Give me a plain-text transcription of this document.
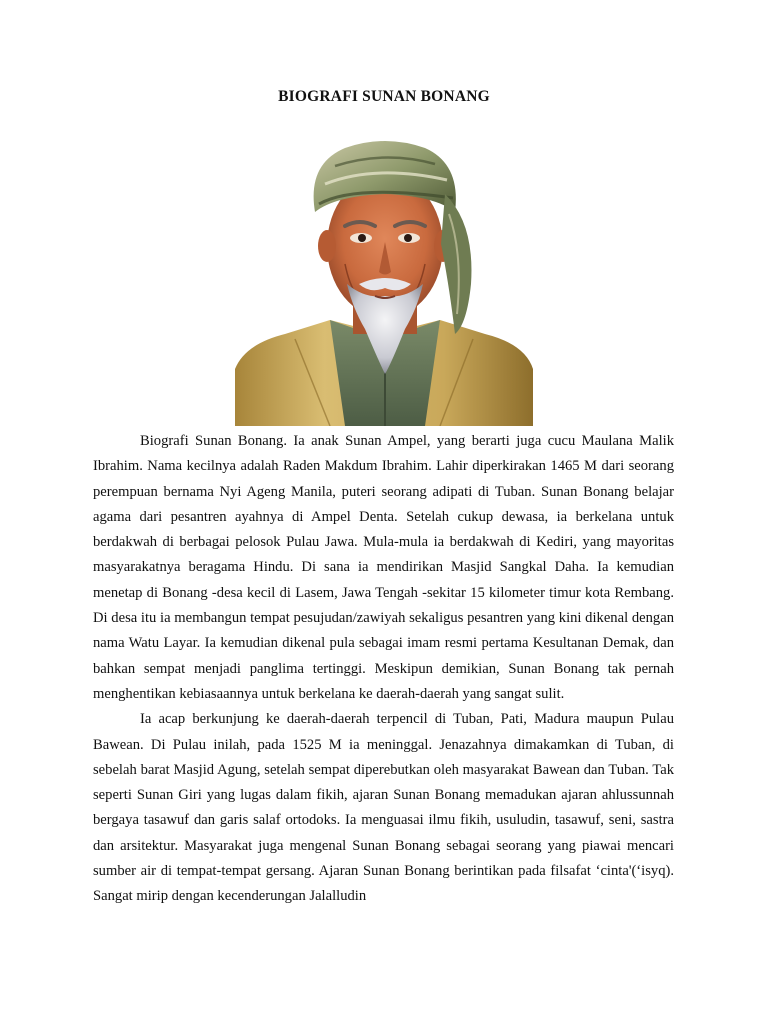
BIOGRAFI SUNAN BONANG

Biografi Sunan Bonang. Ia anak Sunan Ampel, yang berarti juga cucu Maulana Malik Ibrahim. Nama kecilnya adalah Raden Makdum Ibrahim. Lahir diperkirakan 1465 M dari seorang perempuan bernama Nyi Ageng Manila, puteri seorang adipati di Tuban. Sunan Bonang belajar agama dari pesantren ayahnya di Ampel Denta. Setelah cukup dewasa, ia berkelana untuk berdakwah di berbagai pelosok Pulau Jawa. Mula-mula ia berdakwah di Kediri, yang mayoritas masyarakatnya beragama Hindu. Di sana ia mendirikan Masjid Sangkal Daha. Ia kemudian menetap di Bonang -desa kecil di Lasem, Jawa Tengah -sekitar 15 kilometer timur kota Rembang. Di desa itu ia membangun tempat pesujudan/zawiyah sekaligus pesantren yang kini dikenal dengan nama Watu Layar. Ia kemudian dikenal pula sebagai imam resmi pertama Kesultanan Demak, dan bahkan sempat menjadi panglima tertinggi. Meskipun demikian, Sunan Bonang tak pernah menghentikan kebiasaannya untuk berkelana ke daerah-daerah yang sangat sulit.

Ia acap berkunjung ke daerah-daerah terpencil di Tuban, Pati, Madura maupun Pulau Bawean. Di Pulau inilah, pada 1525 M ia meninggal. Jenazahnya dimakamkan di Tuban, di sebelah barat Masjid Agung, setelah sempat diperebutkan oleh masyarakat Bawean dan Tuban. Tak seperti Sunan Giri yang lugas dalam fikih, ajaran Sunan Bonang memadukan ajaran ahlussunnah bergaya tasawuf dan garis salaf ortodoks. Ia menguasai ilmu fikih, usuludin, tasawuf, seni, sastra dan arsitektur. Masyarakat juga mengenal Sunan Bonang sebagai seorang yang piawai mencari sumber air di tempat-tempat gersang. Ajaran Sunan Bonang berintikan pada filsafat ‘cinta'(‘isyq). Sangat mirip dengan kecenderungan Jalalludin
